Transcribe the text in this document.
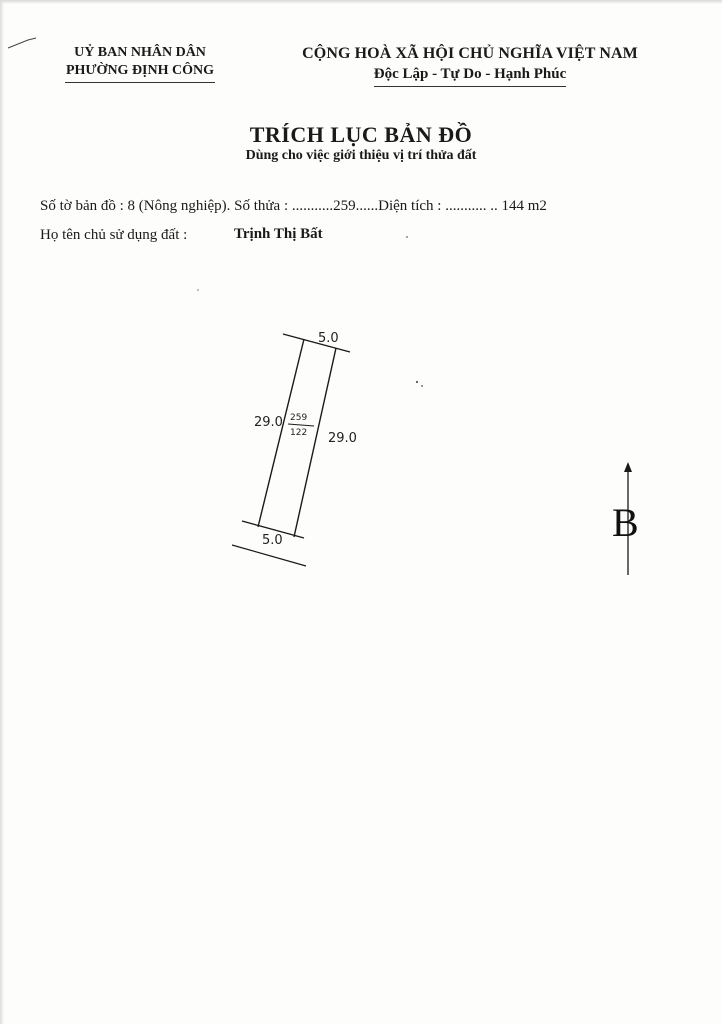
UỶ BAN NHÂN DÂN
PHƯỜNG ĐỊNH CÔNG
CỘNG HOÀ XÃ HỘI CHỦ NGHĨA VIỆT NAM
Độc Lập - Tự Do - Hạnh Phúc
TRÍCH LỤC BẢN ĐỒ
Dùng cho việc giới thiệu vị trí thửa đất
Số tờ bản đồ : 8 (Nông nghiệp). Số thửa : ...........259......Diện tích : ........... .. 144 m2
Họ tên chủ sử dụng đất :	Trịnh Thị Bất
5.0
5.0
29.0
29.0
259
122
B
